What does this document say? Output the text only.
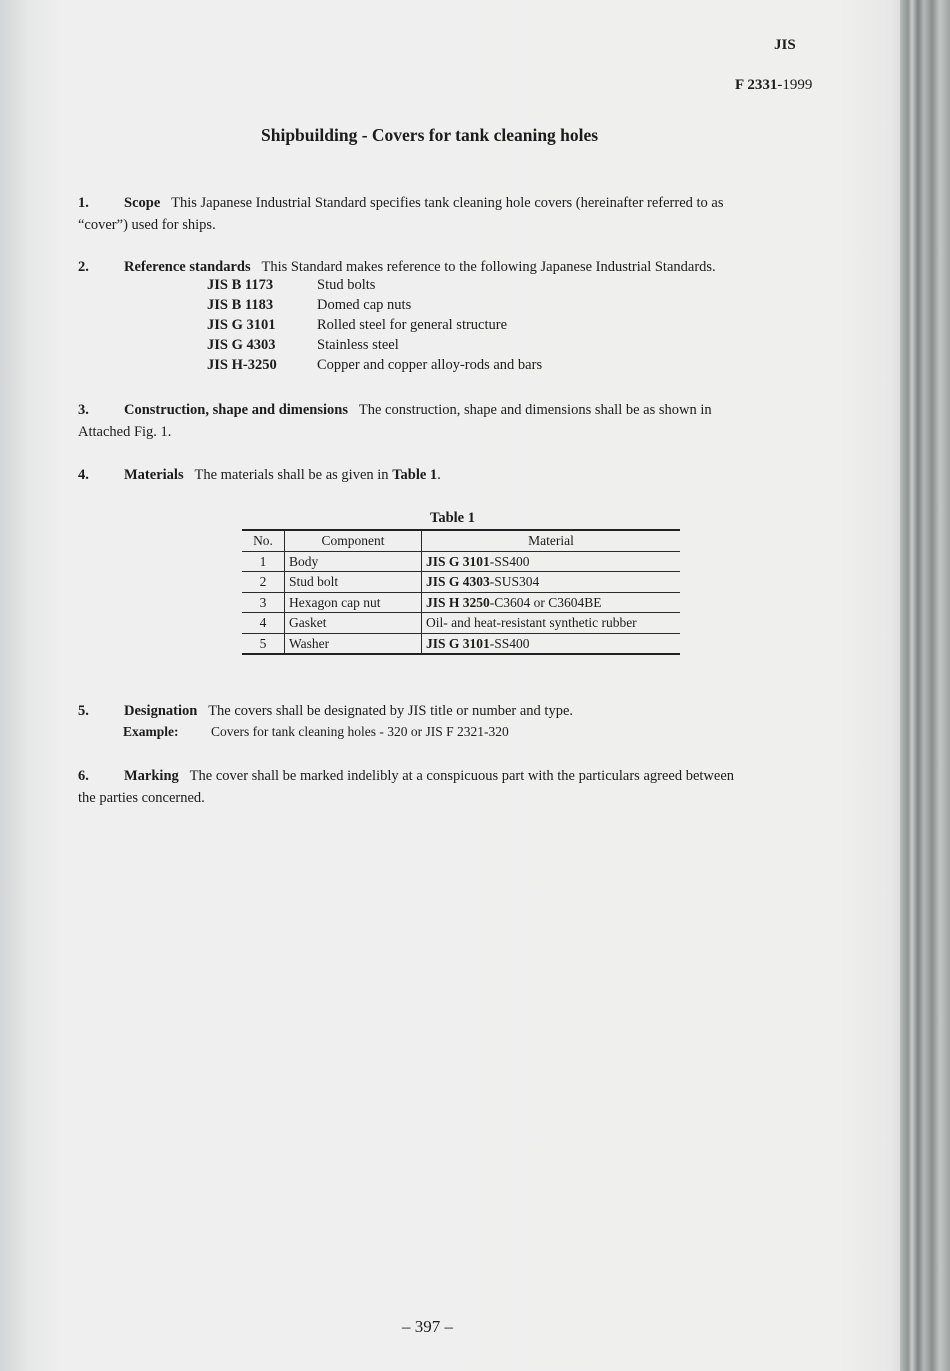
JIS
F 2331-1999
Shipbuilding - Covers for tank cleaning holes
1. Scope This Japanese Industrial Standard specifies tank cleaning hole covers (hereinafter referred to as
“cover”) used for ships.
2. Reference standards This Standard makes reference to the following Japanese Industrial Standards.
JIS B 1173	Stud bolts
JIS B 1183	Domed cap nuts
JIS G 3101	Rolled steel for general structure
JIS G 4303	Stainless steel
JIS H-3250	Copper and copper alloy-rods and bars
3. Construction, shape and dimensions The construction, shape and dimensions shall be as shown in
Attached Fig. 1.
4. Materials The materials shall be as given in Table 1.
Table 1
No.	Component	Material
1	Body	JIS G 3101-SS400
2	Stud bolt	JIS G 4303-SUS304
3	Hexagon cap nut	JIS H 3250-C3604 or C3604BE
4	Gasket	Oil- and heat-resistant synthetic rubber
5	Washer	JIS G 3101-SS400
5. Designation The covers shall be designated by JIS title or number and type.
Example: Covers for tank cleaning holes - 320 or JIS F 2321-320
6. Marking The cover shall be marked indelibly at a conspicuous part with the particulars agreed between
the parties concerned.
– 397 –
